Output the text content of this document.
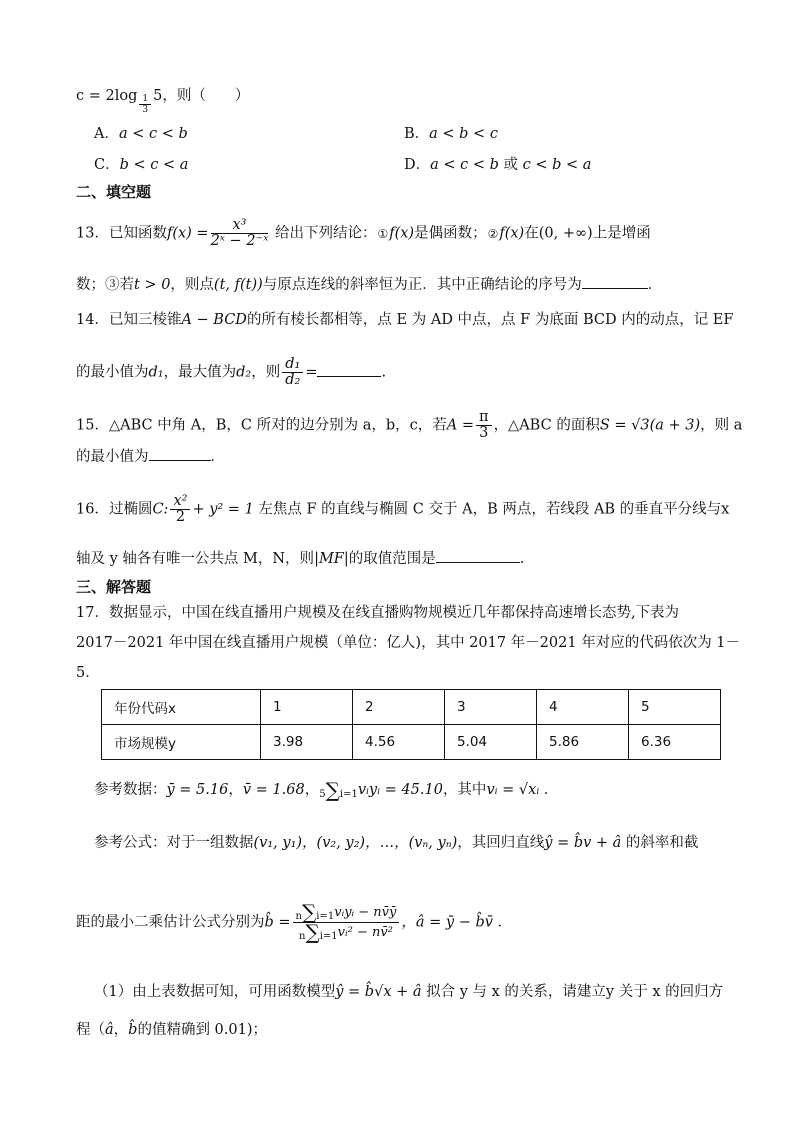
$c = 2\log \frac{1}{3} 5$，则（　　）
A．a < c < b	B．a < b < c
C．b < c < a	D．a < c < b 或 c < b < a
二、填空题
13．已知函数$f(x) = \frac{\text{x³}}{\text{2ˣ − 2⁻ˣ}}$ 给出下列结论：①f(x)是偶函数；②f(x)在(0, +∞)上是增函
数；③若t > 0，则点(t, f(t))与原点连线的斜率恒为正．其中正确结论的序号为	．
14．已知三棱锥A − BCD的所有棱长都相等，点 E 为 AD 中点，点 F 为底面 BCD 内的动点，记 EF
的最小值为d₁，最大值为d₂，则 $\frac{\text{d₁}}{\text{d₂}}$ =	.
15．△ABC 中角 A，B，C 所对的边分别为 a，b，c，若$A = \frac{\pi}{3}$ ，△ABC 的面积S = √3(a + 3)，则 a
的最小值为	．
16．过椭圆C: $\frac{\text{x²}}{2} + y^2 = 1$ 左焦点 F 的直线与椭圆 C 交于 A，B 两点，若线段 AB 的垂直平分线与x
轴及 y 轴各有唯一公共点 M，N，则|MF|的取值范围是	.
三、解答题
17．数据显示，中国在线直播用户规模及在线直播购物规模近几年都保持高速增长态势,下表为
2017－2021 年中国在线直播用户规模（单位：亿人)，其中 2017 年－2021 年对应的代码依次为 1－
5．
年份代码x	1	2	3	4	5
市场规模y	3.98	4.56	5.04	5.86	6.36
参考数据：ȳ = 5.16，v̄ = 1.68，5∑i=1vᵢyᵢ = 45.10，其中vᵢ = √xᵢ ．
参考公式：对于一组数据(v₁, y₁)，(v₂, y₂)，…，(vₙ, yₙ)，其回归直线ŷ = b̂v + â 的斜率和截
距的最小二乘估计公式分别为b̂ = $\frac{\text{n∑i=1vᵢyᵢ − nv̄ȳ}}{\text{n∑i=1vᵢ² − nv̄²}}$ ，â = ȳ − b̂v̄ ．
（1）由上表数据可知，可用函数模型ŷ = b̂√x + â 拟合 y 与 x 的关系，请建立y 关于 x 的回归方
程（â，b̂的值精确到 0.01)；
